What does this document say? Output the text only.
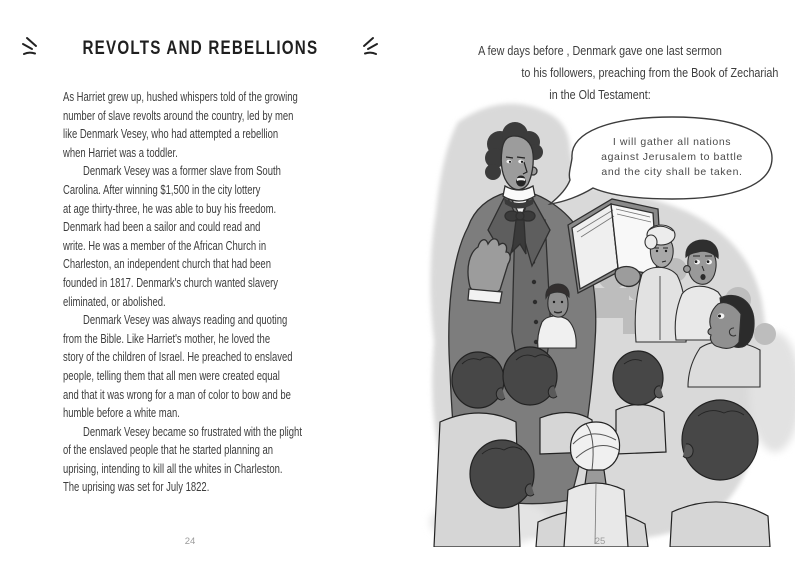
REVOLTS AND REBELLIONS
As Harriet grew up, hushed whispers told of the growing
number of slave revolts around the country, led by men
like Denmark Vesey, who had attempted a rebellion
when Harriet was a toddler.
Denmark Vesey was a former slave from South
Carolina. After winning $1,500 in the city lottery
at age thirty-three, he was able to buy his freedom.
Denmark had been a sailor and could read and
write. He was a member of the African Church in
Charleston, an independent church that had been
founded in 1817. Denmark's church wanted slavery
eliminated, or abolished.
Denmark Vesey was always reading and quoting
from the Bible. Like Harriet's mother, he loved the
story of the children of Israel. He preached to enslaved
people, telling them that all men were created equal
and that it was wrong for a man of color to bow and be
humble before a white man.
Denmark Vesey became so frustrated with the plight
of the enslaved people that he started planning an
uprising, intending to kill all the whites in Charleston.
The uprising was set for July 1822.
24
A few days before , Denmark gave one last sermon
to his followers, preaching from the Book of Zechariah
in the Old Testament:
I will gather all nations
against Jerusalem to battle
and the city shall be taken.
25
